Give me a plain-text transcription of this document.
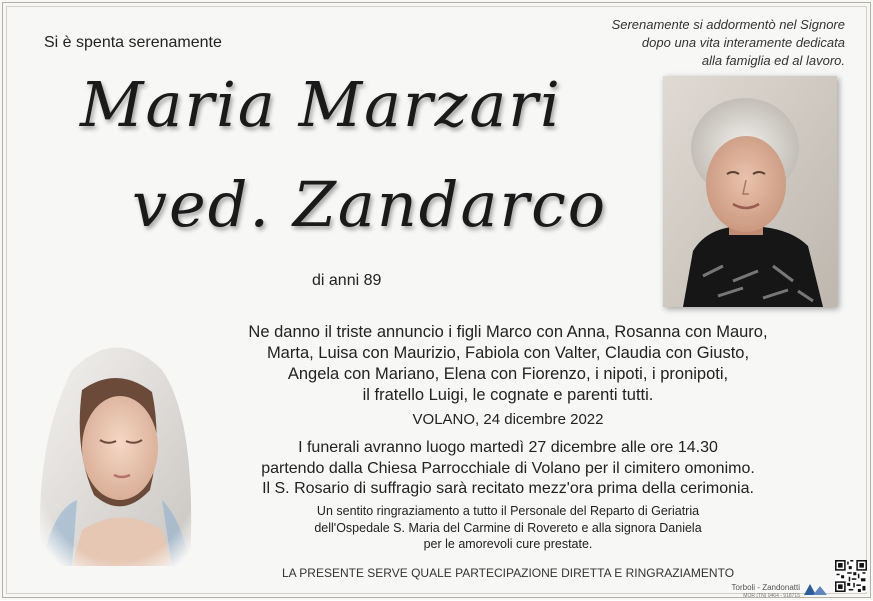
Si è spenta serenamente
Serenamente si addormentò nel Signore
dopo una vita interamente dedicata
alla famiglia ed al lavoro.
Maria Marzari
ved. Zandarco
di anni 89
Ne danno il triste annuncio i figli Marco con Anna, Rosanna con Mauro,
Marta, Luisa con Maurizio, Fabiola con Valter, Claudia con Giusto,
Angela con Mariano, Elena con Fiorenzo, i nipoti, i pronipoti,
il fratello Luigi, le cognate e parenti tutti.
VOLANO, 24 dicembre 2022
I funerali avranno luogo martedì 27 dicembre alle ore 14.30
partendo dalla Chiesa Parrocchiale di Volano per il cimitero omonimo.
Il S. Rosario di suffragio sarà recitato mezz'ora prima della cerimonia.
Un sentito ringraziamento a tutto il Personale del Reparto di Geriatria
dell'Ospedale S. Maria del Carmine di Rovereto e alla signora Daniela
per le amorevoli cure prestate.
LA PRESENTE SERVE QUALE PARTECIPAZIONE DIRETTA E RINGRAZIAMENTO
Torboli - Zandonatti
MOR (TN) 0464 - 918715
